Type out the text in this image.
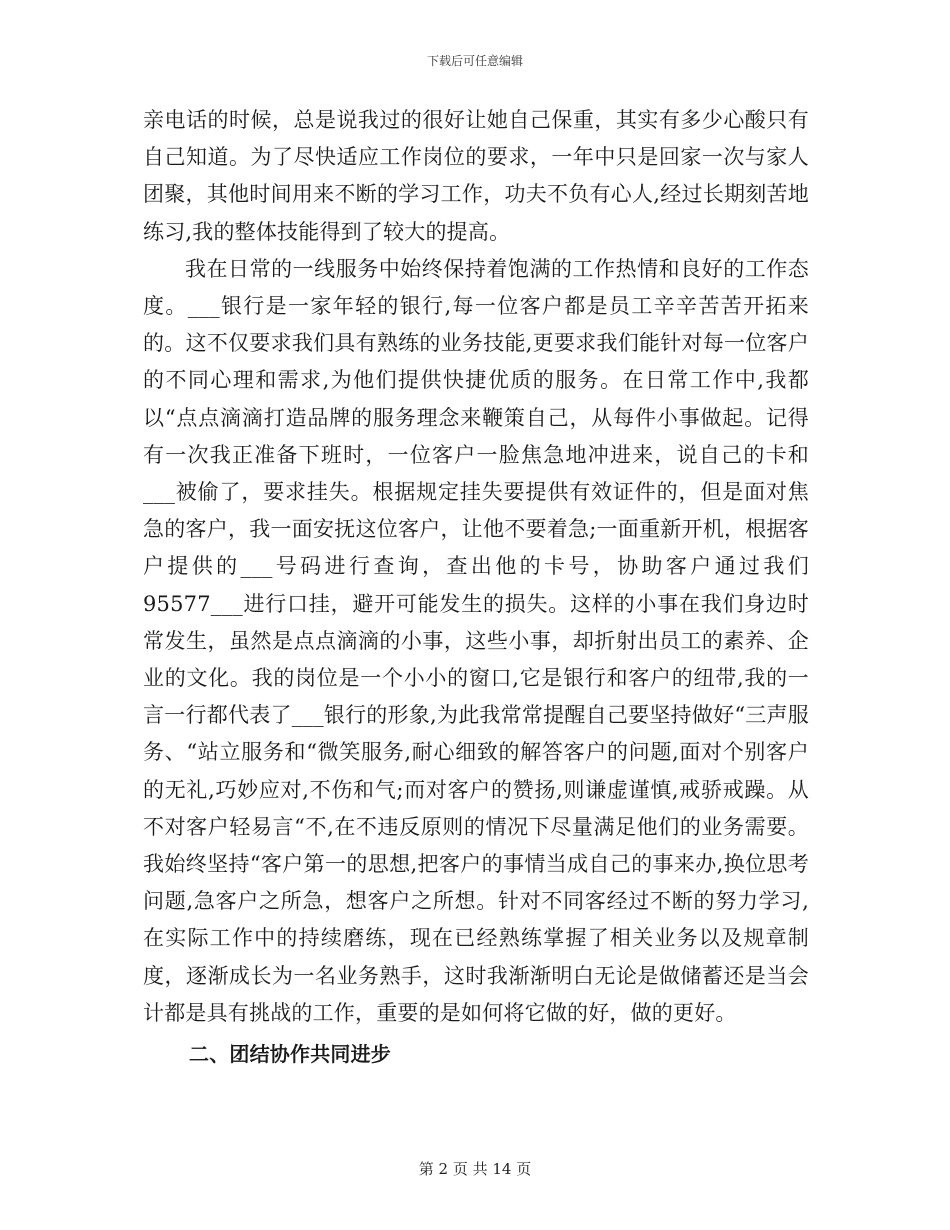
下载后可任意编辑

亲电话的时候，总是说我过的很好让她自己保重，其实有多少心酸只有自己知道。为了尽快适应工作岗位的要求，一年中只是回家一次与家人团聚，其他时间用来不断的学习工作，功夫不负有心人,经过长期刻苦地练习,我的整体技能得到了较大的提高。

我在日常的一线服务中始终保持着饱满的工作热情和良好的工作态度。___银行是一家年轻的银行,每一位客户都是员工辛辛苦苦开拓来的。这不仅要求我们具有熟练的业务技能,更要求我们能针对每一位客户的不同心理和需求,为他们提供快捷优质的服务。在日常工作中,我都以“点点滴滴打造品牌的服务理念来鞭策自己，从每件小事做起。记得有一次我正准备下班时，一位客户一脸焦急地冲进来，说自己的卡和___被偷了，要求挂失。根据规定挂失要提供有效证件的，但是面对焦急的客户，我一面安抚这位客户，让他不要着急;一面重新开机，根据客户提供的___号码进行查询，查出他的卡号，协助客户通过我们95577___进行口挂，避开可能发生的损失。这样的小事在我们身边时常发生，虽然是点点滴滴的小事，这些小事，却折射出员工的素养、企业的文化。我的岗位是一个小小的窗口,它是银行和客户的纽带,我的一言一行都代表了___银行的形象,为此我常常提醒自己要坚持做好“三声服务、“站立服务和“微笑服务,耐心细致的解答客户的问题,面对个别客户的无礼,巧妙应对,不伤和气;而对客户的赞扬,则谦虚谨慎,戒骄戒躁。从不对客户轻易言“不,在不违反原则的情况下尽量满足他们的业务需要。我始终坚持“客户第一的思想,把客户的事情当成自己的事来办,换位思考问题,急客户之所急，想客户之所想。针对不同客经过不断的努力学习,在实际工作中的持续磨练，现在已经熟练掌握了相关业务以及规章制度，逐渐成长为一名业务熟手，这时我渐渐明白无论是做储蓄还是当会计都是具有挑战的工作，重要的是如何将它做的好，做的更好。

二、团结协作共同进步

第 2 页 共 14 页
